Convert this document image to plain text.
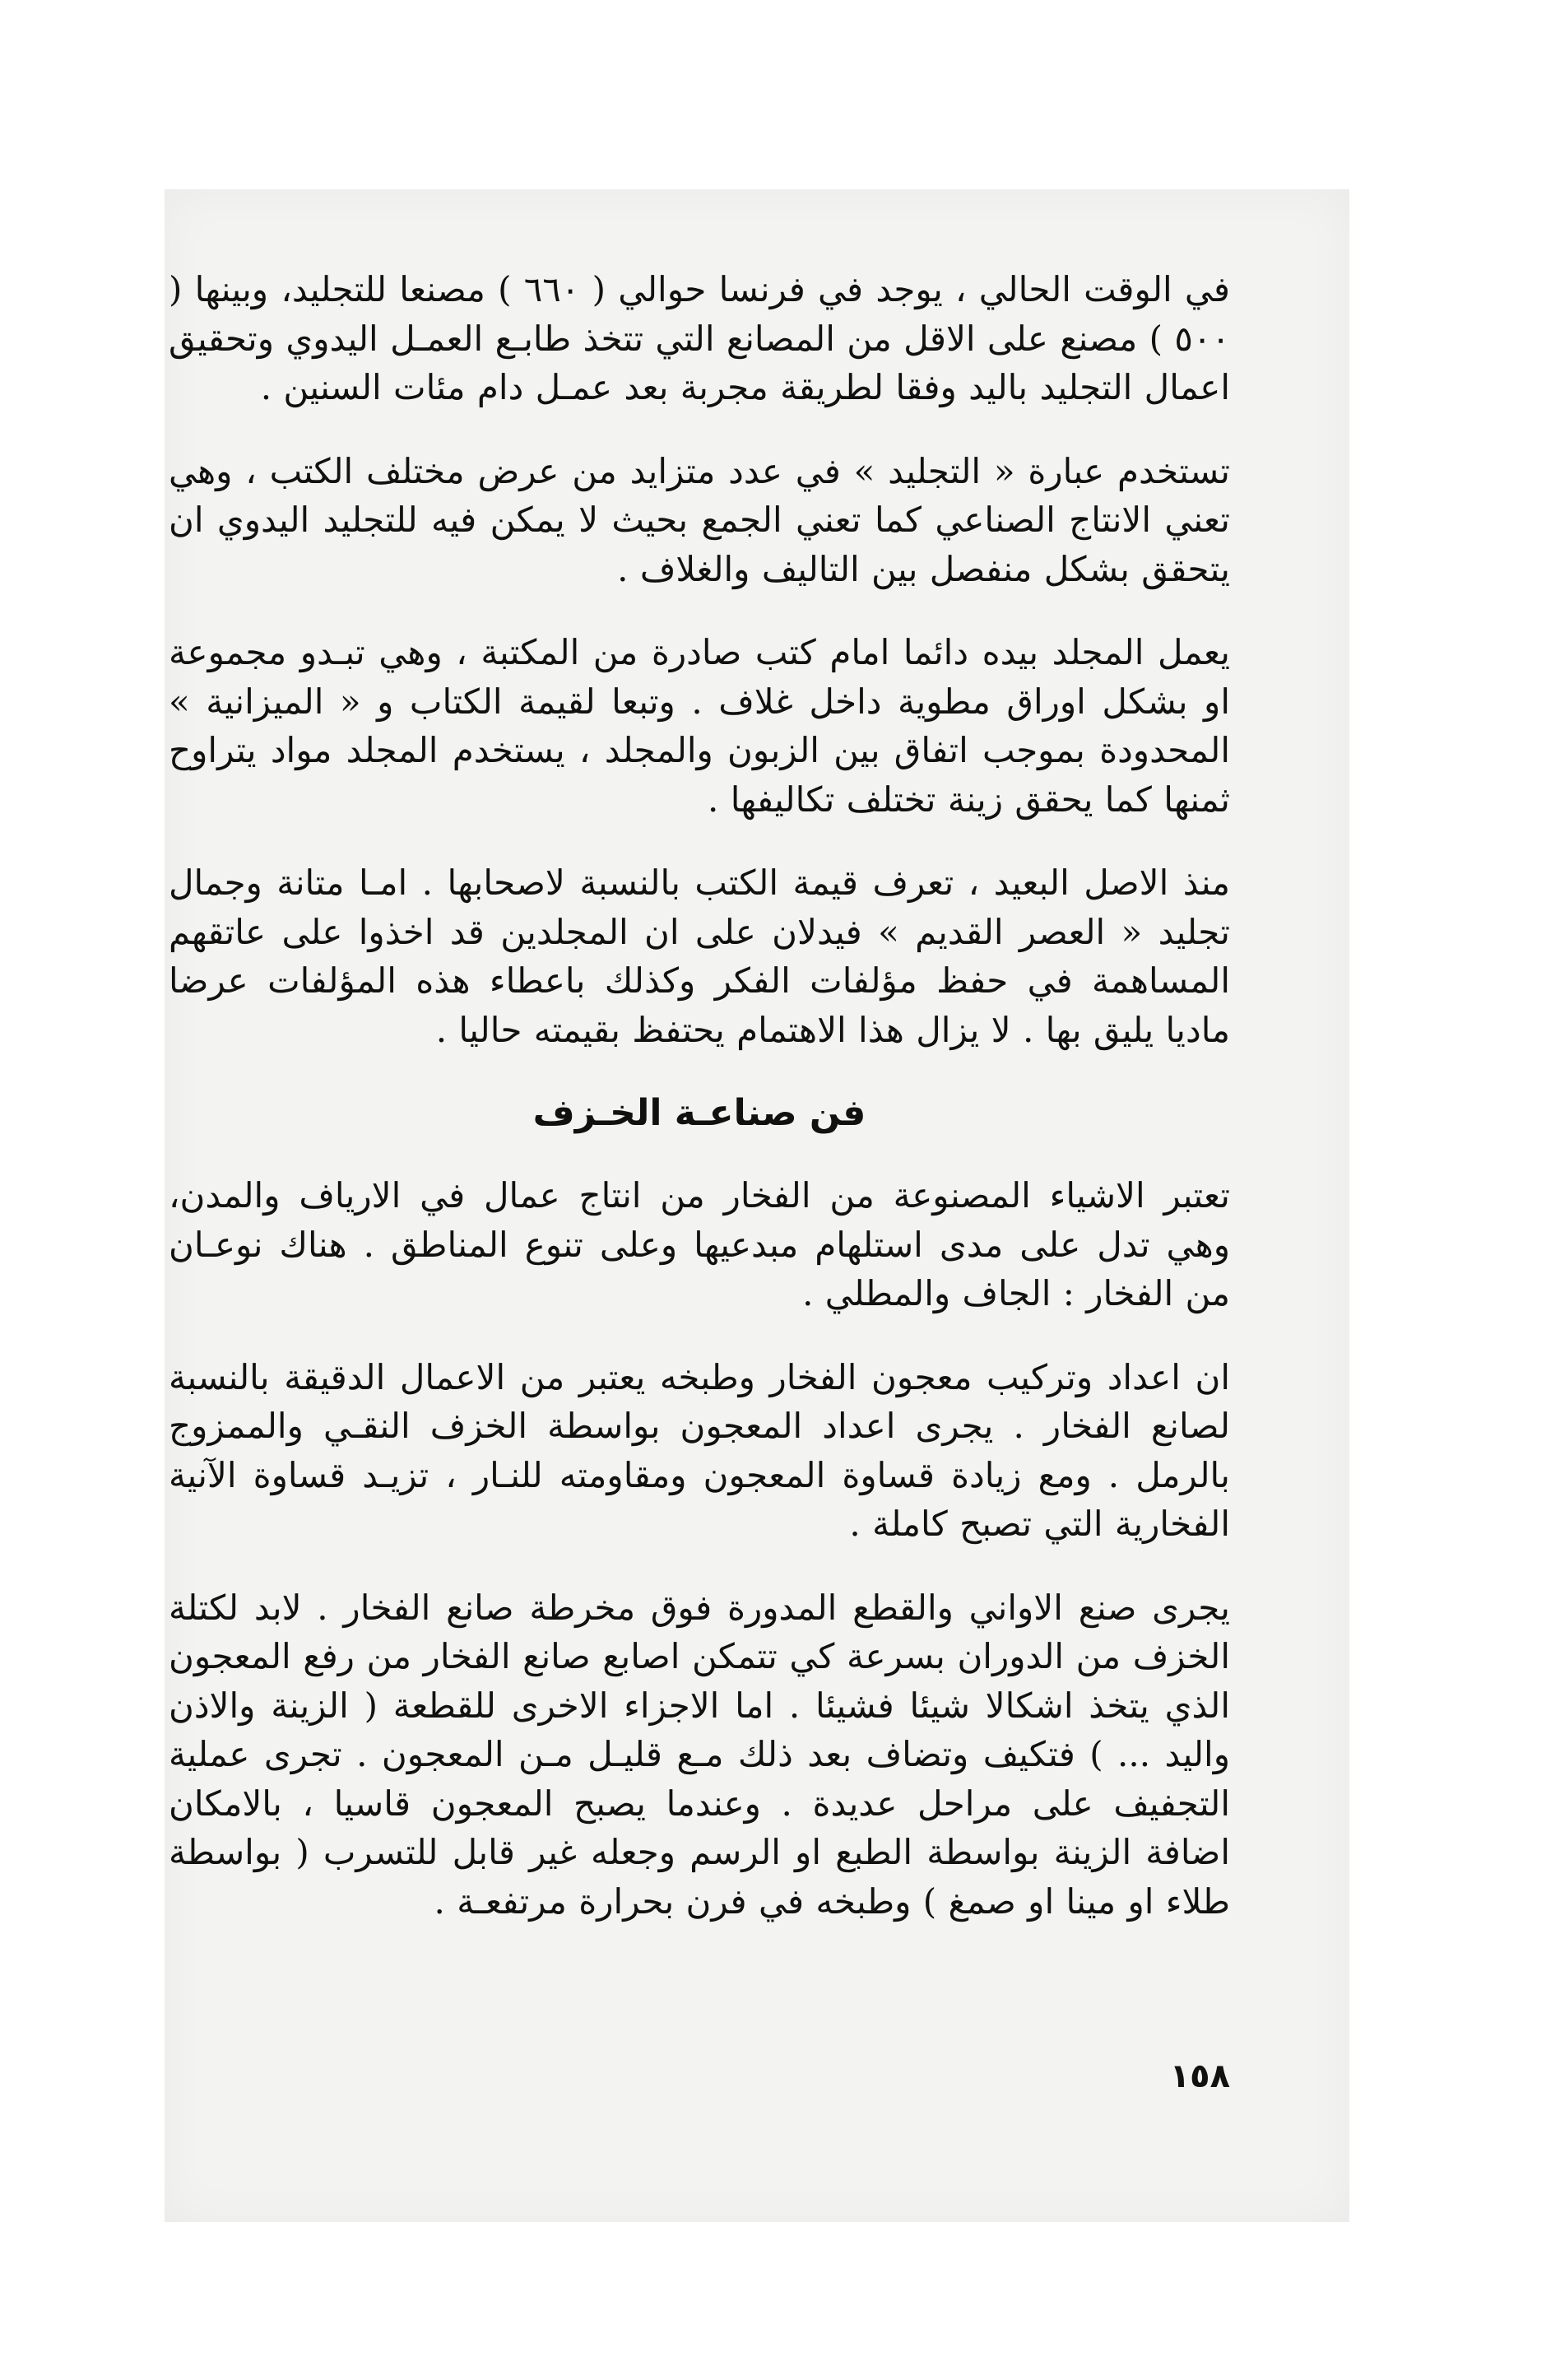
في الوقت الحالي ، يوجد في فرنسا حوالي ( ٦٦٠ ) مصنعا للتجليد، وبينها ( ٥٠٠ ) مصنع على الاقل من المصانع التي تتخذ طابـع العمـل اليدوي وتحقيق اعمال التجليد باليد وفقا لطريقة مجربة بعد عمـل دام مئات السنين .

تستخدم عبارة « التجليد » في عدد متزايد من عرض مختلف الكتب ، وهي تعني الانتاج الصناعي كما تعني الجمع بحيث لا يمكن فيه للتجليد اليدوي ان يتحقق بشكل منفصل بين التاليف والغلاف .

يعمل المجلد بيده دائما امام كتب صادرة من المكتبة ، وهي تبـدو مجموعة او بشكل اوراق مطوية داخل غلاف . وتبعا لقيمة الكتاب و « الميزانية » المحدودة بموجب اتفاق بين الزبون والمجلد ، يستخدم المجلد مواد يتراوح ثمنها كما يحقق زينة تختلف تكاليفها .

منذ الاصل البعيد ، تعرف قيمة الكتب بالنسبة لاصحابها . امـا متانة وجمال تجليد « العصر القديم » فيدلان على ان المجلدين قد اخذوا على عاتقهم المساهمة في حفظ مؤلفات الفكر وكذلك باعطاء هذه المؤلفات عرضا ماديا يليق بها . لا يزال هذا الاهتمام يحتفظ بقيمته حاليا .

فن صناعـة الخـزف

تعتبر الاشياء المصنوعة من الفخار من انتاج عمال في الارياف والمدن، وهي تدل على مدى استلهام مبدعيها وعلى تنوع المناطق . هناك نوعـان من الفخار : الجاف والمطلي .

ان اعداد وتركيب معجون الفخار وطبخه يعتبر من الاعمال الدقيقة بالنسبة لصانع الفخار . يجرى اعداد المعجون بواسطة الخزف النقـي والممزوج بالرمل . ومع زيادة قساوة المعجون ومقاومته للنـار ، تزيـد قساوة الآنية الفخارية التي تصبح كاملة .

يجرى صنع الاواني والقطع المدورة فوق مخرطة صانع الفخار . لابد لكتلة الخزف من الدوران بسرعة كي تتمكن اصابع صانع الفخار من رفع المعجون الذي يتخذ اشكالا شيئا فشيئا . اما الاجزاء الاخرى للقطعة ( الزينة والاذن واليد ... ) فتكيف وتضاف بعد ذلك مـع قليـل مـن المعجون . تجرى عملية التجفيف على مراحل عديدة . وعندما يصبح المعجون قاسيا ، بالامكان اضافة الزينة بواسطة الطبع او الرسم وجعله غير قابل للتسرب ( بواسطة طلاء او مينا او صمغ ) وطبخه في فرن بحرارة مرتفعـة .

١٥٨
